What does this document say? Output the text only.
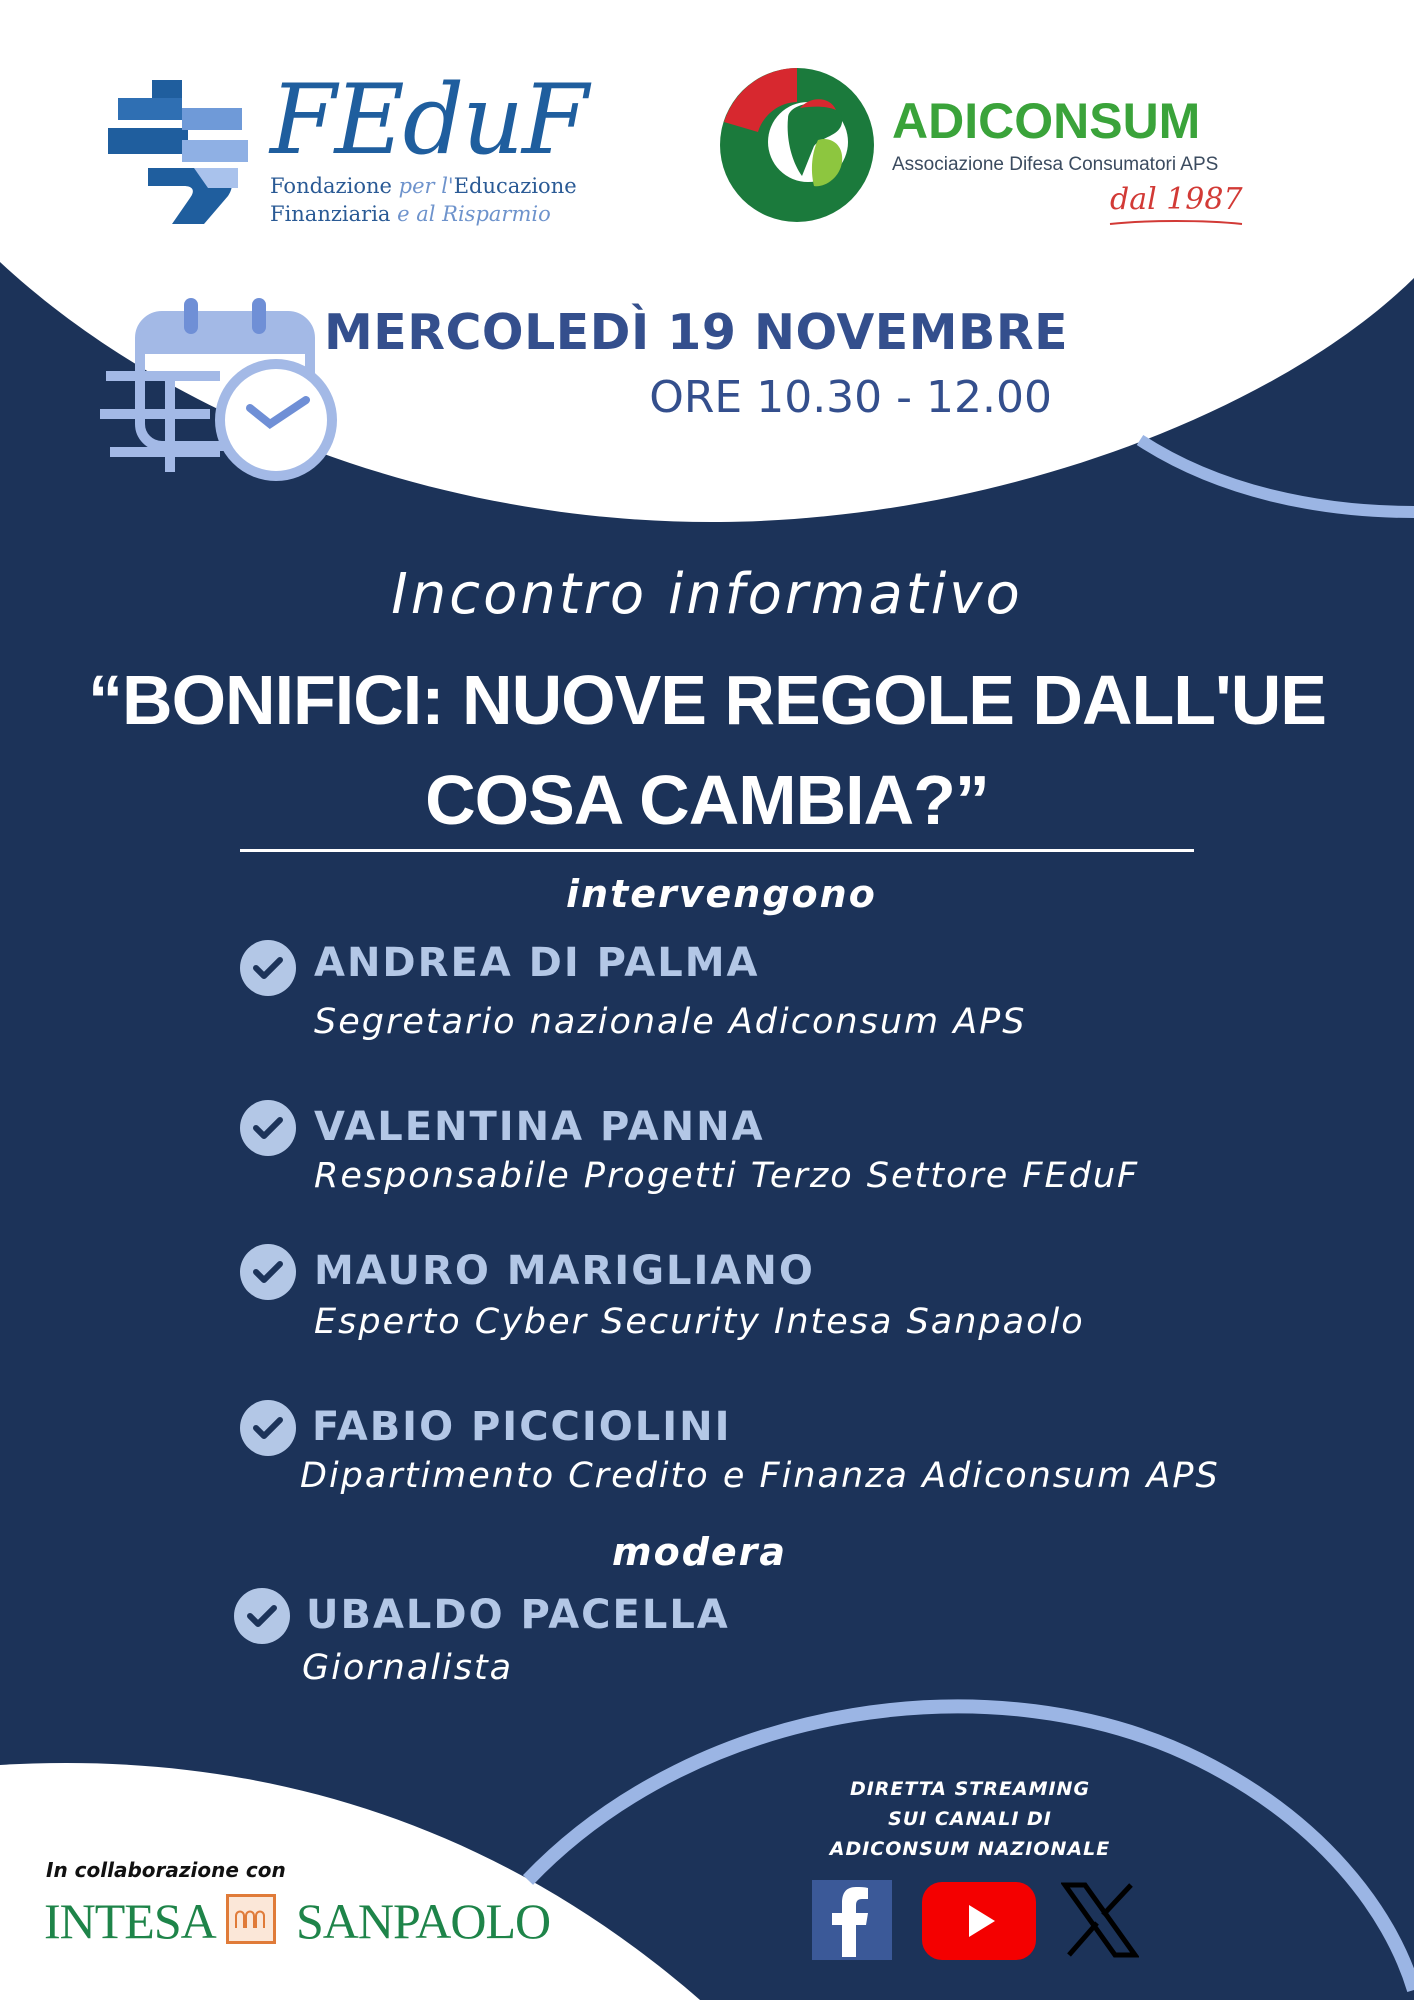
FEduF
Fondazione per l'Educazione
Finanziaria e al Risparmio
ADICONSUM
Associazione Difesa Consumatori APS
dal 1987
MERCOLEDÌ 19 NOVEMBRE
ORE 10.30 - 12.00
Incontro informativo
“BONIFICI: NUOVE REGOLE DALL'UE
COSA CAMBIA?”
intervengono
ANDREA DI PALMA
Segretario nazionale Adiconsum APS
VALENTINA PANNA
Responsabile Progetti Terzo Settore FEduF
MAURO MARIGLIANO
Esperto Cyber Security Intesa Sanpaolo
FABIO PICCIOLINI
Dipartimento Credito e Finanza Adiconsum APS
modera
UBALDO PACELLA
Giornalista
In collaborazione con
INTESA SANPAOLO
DIRETTA STREAMING
SUI CANALI DI
ADICONSUM NAZIONALE
